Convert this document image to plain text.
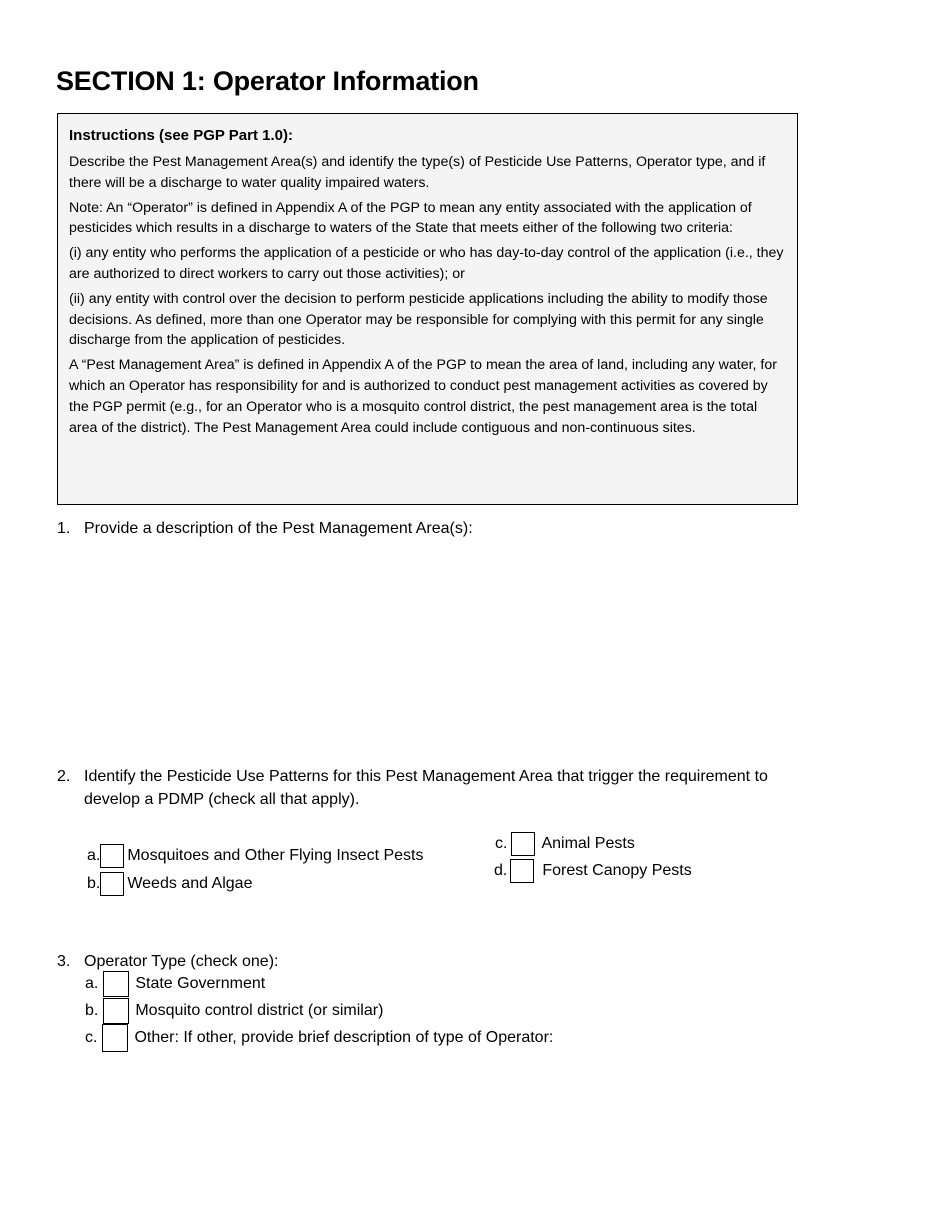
SECTION 1: Operator Information
Instructions (see PGP Part 1.0):

Describe the Pest Management Area(s) and identify the type(s) of Pesticide Use Patterns, Operator type, and if there will be a discharge to water quality impaired waters.

Note: An “Operator” is defined in Appendix A of the PGP to mean any entity associated with the application of pesticides which results in a discharge to waters of the State that meets either of the following two criteria:

(i) any entity who performs the application of a pesticide or who has day-to-day control of the application (i.e., they are authorized to direct workers to carry out those activities); or

(ii) any entity with control over the decision to perform pesticide applications including the ability to modify those decisions. As defined, more than one Operator may be responsible for complying with this permit for any single discharge from the application of pesticides.

A “Pest Management Area” is defined in Appendix A of the PGP to mean the area of land, including any water, for which an Operator has responsibility for and is authorized to conduct pest management activities as covered by the PGP permit (e.g., for an Operator who is a mosquito control district, the pest management area is the total area of the district). The Pest Management Area could include contiguous and non-continuous sites.

1. Provide a description of the Pest Management Area(s):
2. Identify the Pesticide Use Patterns for this Pest Management Area that trigger the requirement to develop a PDMP (check all that apply).
a. Mosquitoes and Other Flying Insect Pests
b. Weeds and Algae
c. Animal Pests
d. Forest Canopy Pests
3. Operator Type (check one):
a. State Government
b. Mosquito control district (or similar)
c. Other: If other, provide brief description of type of Operator:
